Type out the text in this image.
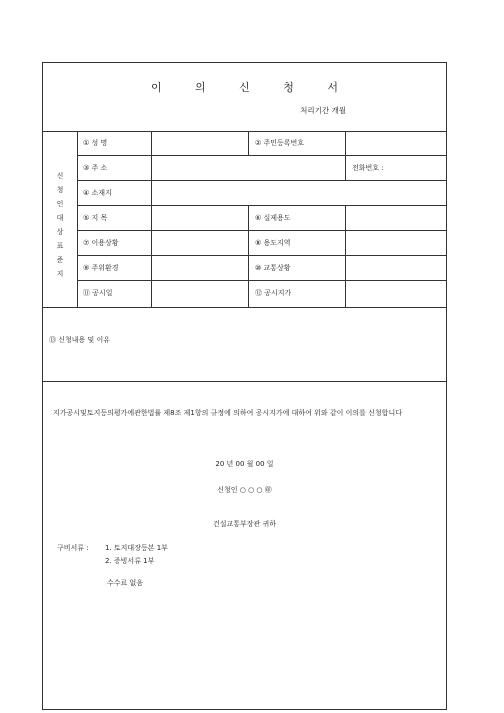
이 의 신 청 서
처리기간 개월
신
청
인
대
상
표
준
지
① 성 명	② 주민등록번호
③ 주 소	전화번호 :
④ 소재지
⑤ 지 목	⑥ 실제용도
⑦ 이용상황	⑧ 용도지역
⑨ 주위환경	⑩ 교통상황
⑪ 공시일	⑫ 공시지가
⑬ 신청내용 및 이유
지가공시및토지등의평가에관한법률 제8조 제1항의 규정에 의하여 공시지가에 대하여 위와 같이 이의를 신청합니다
20 년 00 월 00 일
신청인 ○ ○ ○ ㊞
건설교통부장관 귀하
구비서류 : 1. 토지대장등본 1부
2. 증빙서류 1부
수수료 없음
